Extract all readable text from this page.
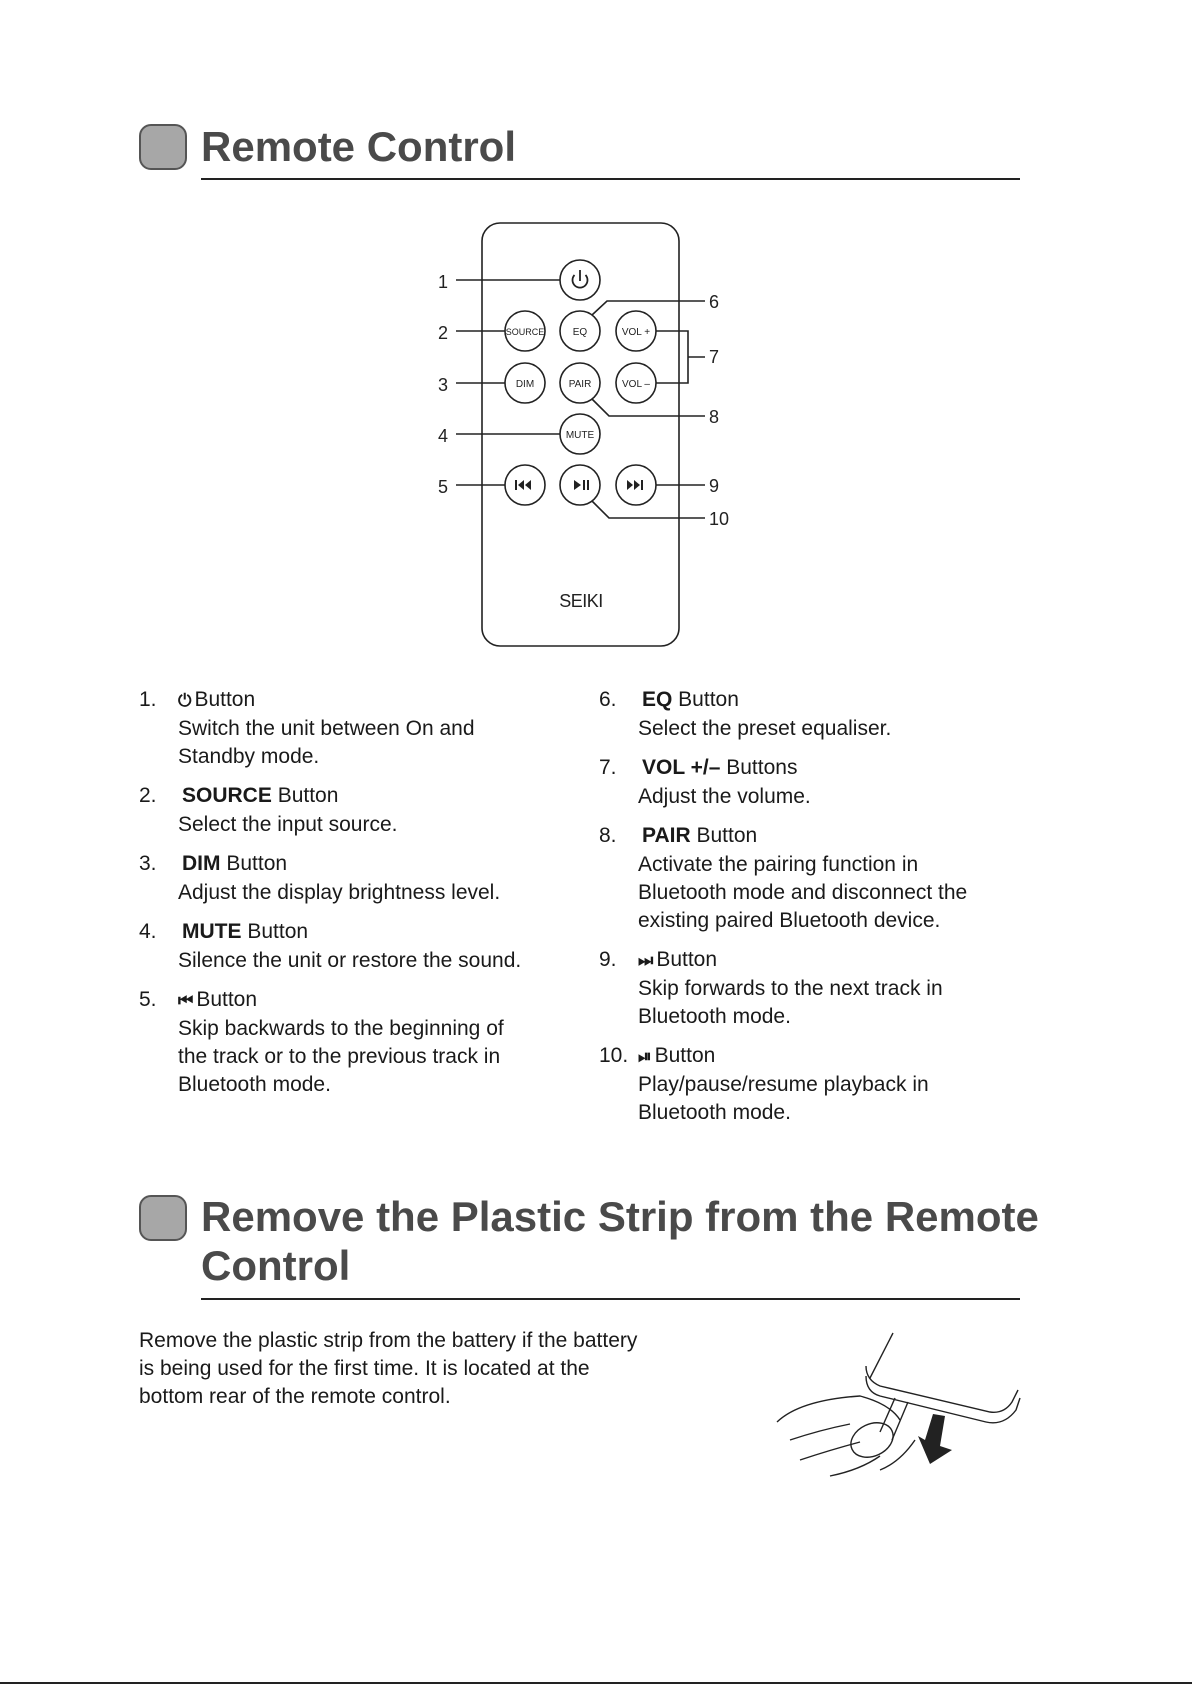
Remote Control
SOURCE	EQ	VOL +
DIM	PAIR	VOL –
MUTE
SEIKI
1
2
3
4
5
6
7
8
9
10
1.	⏻ Button
Switch the unit between On and Standby mode.
2.	SOURCE Button
Select the input source.
3.	DIM Button
Adjust the display brightness level.
4.	MUTE Button
Silence the unit or restore the sound.
5.	⏮ Button
Skip backwards to the beginning of the track or to the previous track in Bluetooth mode.
6.	EQ Button
Select the preset equaliser.
7.	VOL +/– Buttons
Adjust the volume.
8.	PAIR Button
Activate the pairing function in Bluetooth mode and disconnect the existing paired Bluetooth device.
9.	⏭ Button
Skip forwards to the next track in Bluetooth mode.
10. ⏯ Button
Play/pause/resume playback in Bluetooth mode.
Remove the Plastic Strip from the Remote
Control
Remove the plastic strip from the battery if the battery is being used for the first time. It is located at the bottom rear of the remote control.
